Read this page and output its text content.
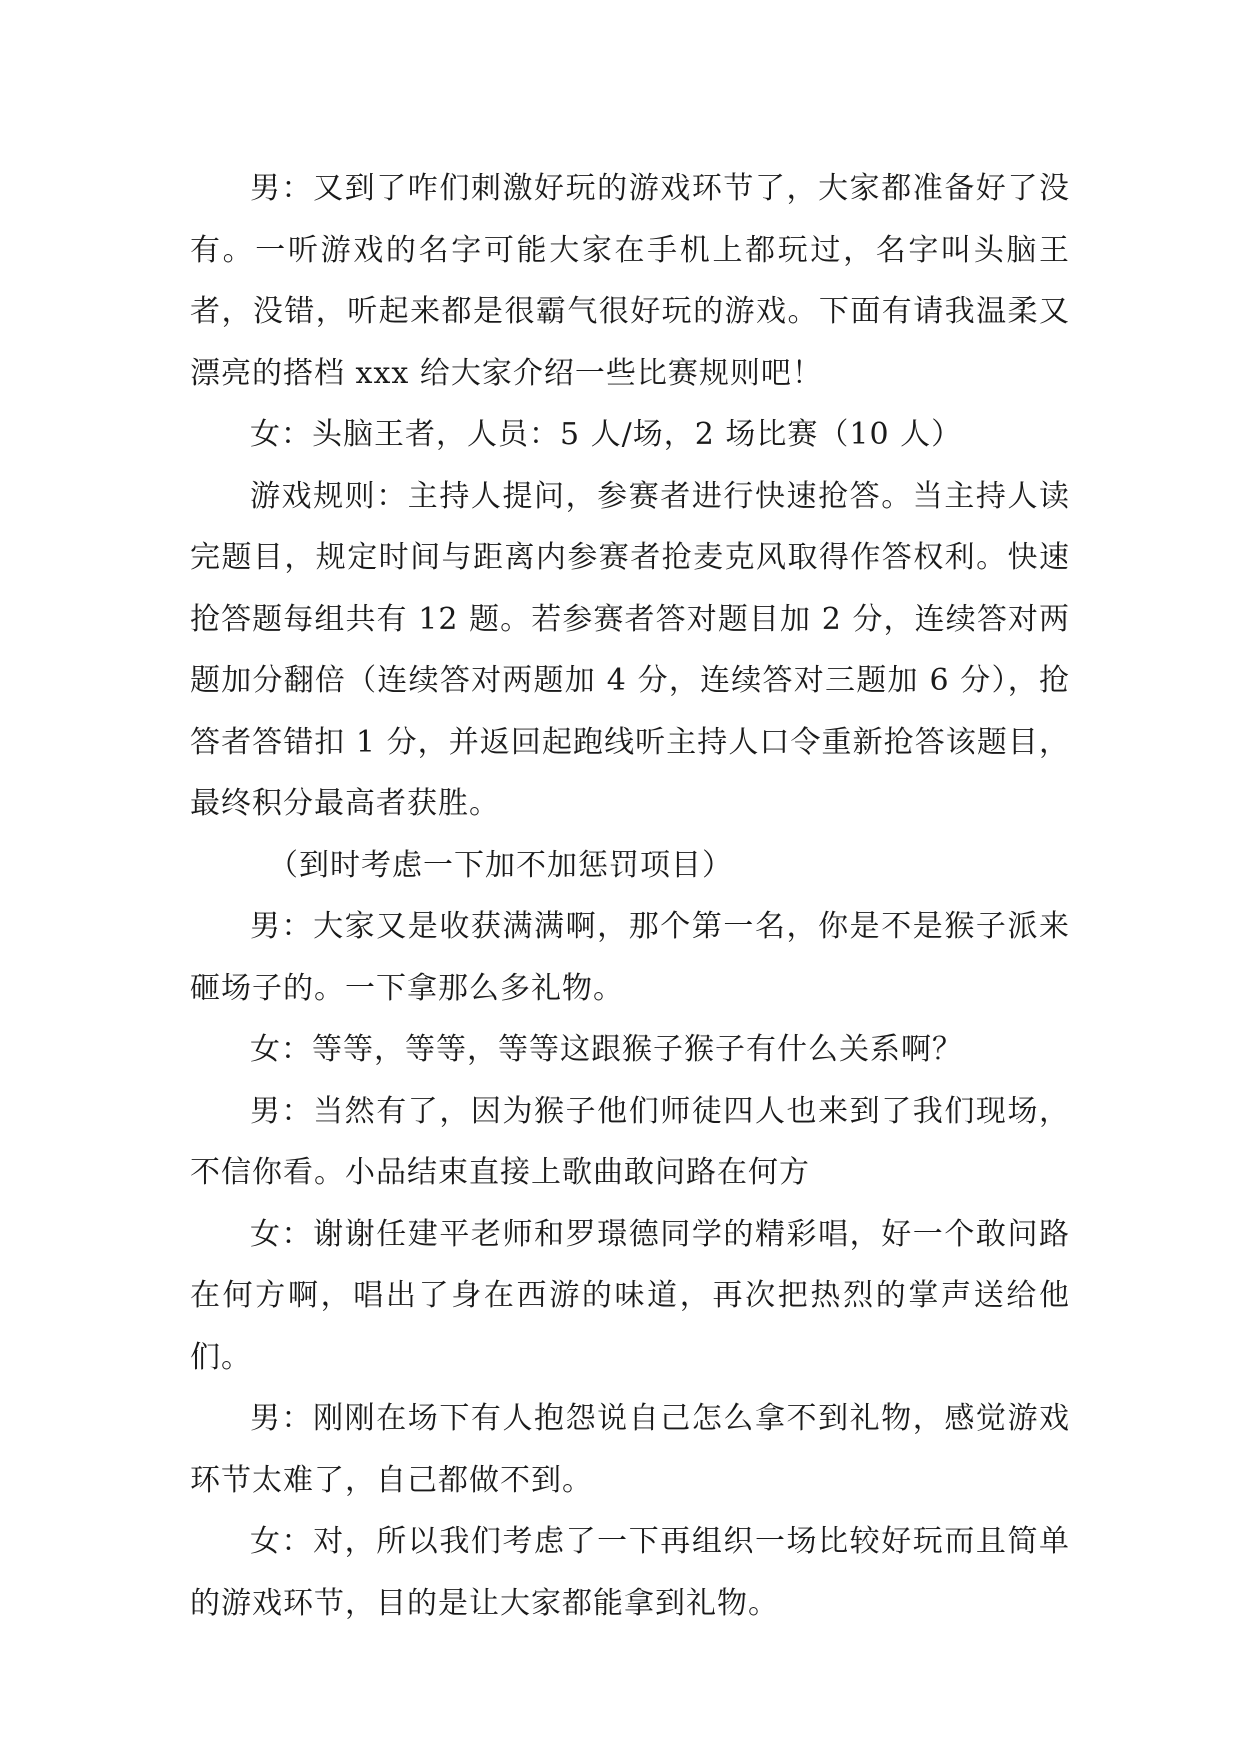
男：又到了咋们刺激好玩的游戏环节了，大家都准备好了没有。一听游戏的名字可能大家在手机上都玩过，名字叫头脑王者，没错，听起来都是很霸气很好玩的游戏。下面有请我温柔又漂亮的搭档 xxx 给大家介绍一些比赛规则吧！

女：头脑王者，人员：5 人/场，2 场比赛（10 人）

游戏规则：主持人提问，参赛者进行快速抢答。当主持人读完题目，规定时间与距离内参赛者抢麦克风取得作答权利。快速抢答题每组共有 12 题。若参赛者答对题目加 2 分，连续答对两题加分翻倍（连续答对两题加 4 分，连续答对三题加 6 分），抢答者答错扣 1 分，并返回起跑线听主持人口令重新抢答该题目，最终积分最高者获胜。

（到时考虑一下加不加惩罚项目）

男：大家又是收获满满啊，那个第一名，你是不是猴子派来砸场子的。一下拿那么多礼物。

女：等等，等等，等等这跟猴子猴子有什么关系啊？

男：当然有了，因为猴子他们师徒四人也来到了我们现场，不信你看。小品结束直接上歌曲敢问路在何方

女：谢谢任建平老师和罗璟德同学的精彩唱，好一个敢问路在何方啊，唱出了身在西游的味道，再次把热烈的掌声送给他们。

男：刚刚在场下有人抱怨说自己怎么拿不到礼物，感觉游戏环节太难了，自己都做不到。

女：对，所以我们考虑了一下再组织一场比较好玩而且简单的游戏环节，目的是让大家都能拿到礼物。
